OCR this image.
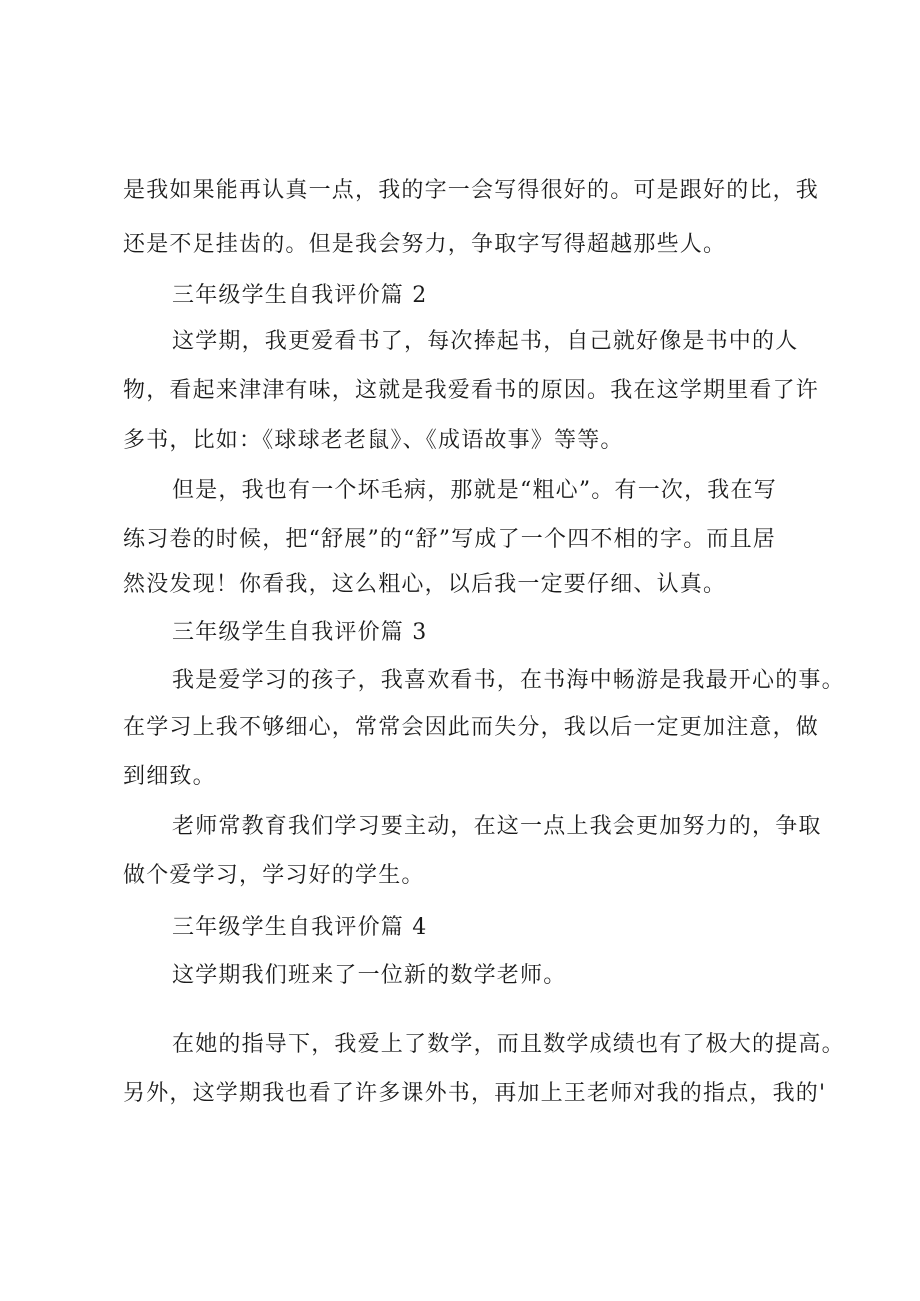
是我如果能再认真一点，我的字一会写得很好的。可是跟好的比，我
还是不足挂齿的。但是我会努力，争取字写得超越那些人。
三年级学生自我评价篇 2
这学期，我更爱看书了，每次捧起书，自己就好像是书中的人
物，看起来津津有味，这就是我爱看书的原因。我在这学期里看了许
多书，比如：《球球老老鼠》、《成语故事》等等。
但是，我也有一个坏毛病，那就是“粗心”。有一次，我在写
练习卷的时候，把“舒展”的“舒”写成了一个四不相的字。而且居
然没发现！你看我，这么粗心，以后我一定要仔细、认真。
三年级学生自我评价篇 3
我是爱学习的孩子，我喜欢看书，在书海中畅游是我最开心的事。
在学习上我不够细心，常常会因此而失分，我以后一定更加注意，做
到细致。
老师常教育我们学习要主动，在这一点上我会更加努力的，争取
做个爱学习，学习好的学生。
三年级学生自我评价篇 4
这学期我们班来了一位新的数学老师。
在她的指导下，我爱上了数学，而且数学成绩也有了极大的提高。
另外，这学期我也看了许多课外书，再加上王老师对我的指点，我的'
